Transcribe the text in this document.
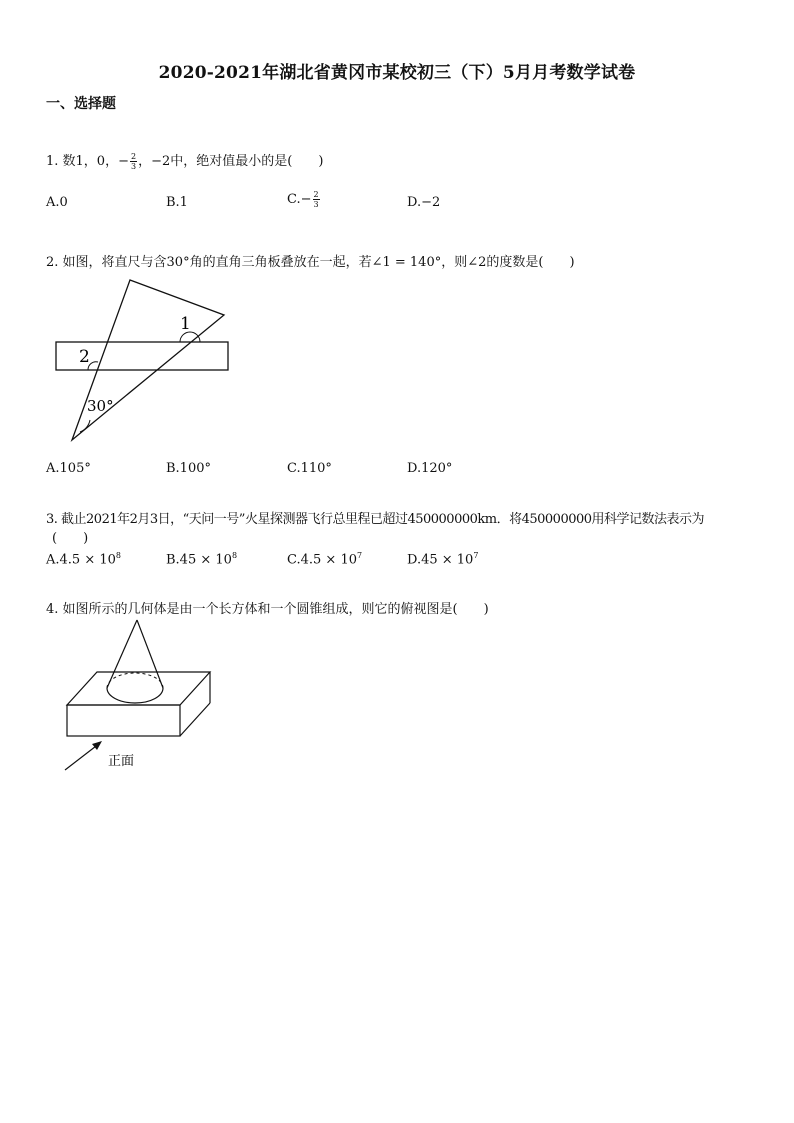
2020-2021年湖北省黄冈市某校初三（下）5月月考数学试卷
一、选择题
1. 数1，0，− $\frac{2}{3}$ ，−2中，绝对值最小的是(　　)
A.0	B.1	$C.- \frac{2}{3}$	D.−2
2. 如图，将直尺与含30°角的直角三角板叠放在一起，若∠1 = 140°，则∠2的度数是(　　)
1
2
30°
A.105°	B.100°	C.110°	D.120°
3. 截止2021年2月3日，“天问一号”火星探测器飞行总里程已超过450000000km．将450000000用科学记数法表示为
(　　)
$A.4.5 \times 10^8$	$B.45 \times 10^8$	$C.4.5 \times 10^7$	$D.45 \times 10^7$
4. 如图所示的几何体是由一个长方体和一个圆锥组成，则它的俯视图是(　　)
正面
